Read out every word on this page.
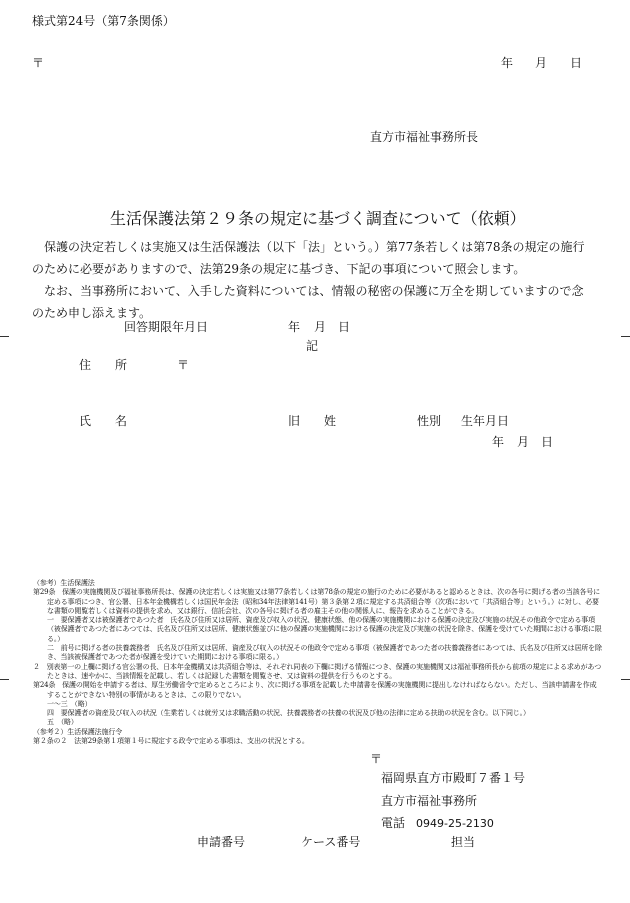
様式第24号（第7条関係）
〒	年 月 日
直方市福祉事務所長
生活保護法第２９条の規定に基づく調査について（依頼）

保護の決定若しくは実施又は生活保護法（以下「法」という。）第77条若しくは第78条の規定の施行のために必要がありますので、法第29条の規定に基づき、下記の事項について照会します。

なお、当事務所において、入手した資料については、情報の秘密の保護に万全を期していますので念のため申し添えます。

回答期限年月日	年 月 日
記
住　　所	〒
氏　　名	旧　　姓	性別 生年月日
年 月 日
（参考）生活保護法
第29条　保護の実施機関及び福祉事務所長は、保護の決定若しくは実施又は第77条若しくは第78条の規定の施行のために必要があると認めるときは、次の各号に掲げる者の当該各号に定める事項につき、官公署、日本年金機構若しくは国民年金法（昭和34年法律第141号）第３条第２項に規定する共済組合等（次項において「共済組合等」という。）に対し、必要な書類の閲覧若しくは資料の提供を求め、又は銀行、信託会社、次の各号に掲げる者の雇主その他の関係人に、報告を求めることができる。
一　要保護者又は被保護者であつた者　氏名及び住所又は居所、資産及び収入の状況、健康状態、他の保護の実施機関における保護の決定及び実施の状況その他政令で定める事項（被保護者であつた者にあつては、氏名及び住所又は居所、健康状態並びに他の保護の実施機関における保護の決定及び実施の状況を除き、保護を受けていた期間における事項に限る。）
二　前号に掲げる者の扶養義務者　氏名及び住所又は居所、資産及び収入の状況その他政令で定める事項（被保護者であつた者の扶養義務者にあつては、氏名及び住所又は居所を除き、当該被保護者であつた者が保護を受けていた期間における事項に限る。）
２　別表第一の上欄に掲げる官公署の長、日本年金機構又は共済組合等は、それぞれ同表の下欄に掲げる情報につき、保護の実施機関又は福祉事務所長から前項の規定による求めがあつたときは、速やかに、当該情報を記載し、若しくは記録した書類を閲覧させ、又は資料の提供を行うものとする。
第24条　保護の開始を申請する者は、厚生労働省令で定めるところにより、次に掲げる事項を記載した申請書を保護の実施機関に提出しなければならない。ただし、当該申請書を作成することができない特別の事情があるときは、この限りでない。
一～三　（略）
四　要保護者の資産及び収入の状況（生業若しくは就労又は求職活動の状況、扶養義務者の扶養の状況及び他の法律に定める扶助の状況を含む。以下同じ。）
五　（略）
（参考２）生活保護法施行令
第２条の２　法第29条第１項第１号に規定する政令で定める事項は、支出の状況とする。
〒
福岡県直方市殿町７番１号
直方市福祉事務所
電話 0949‐25‐2130
申請番号	ケース番号	担当
